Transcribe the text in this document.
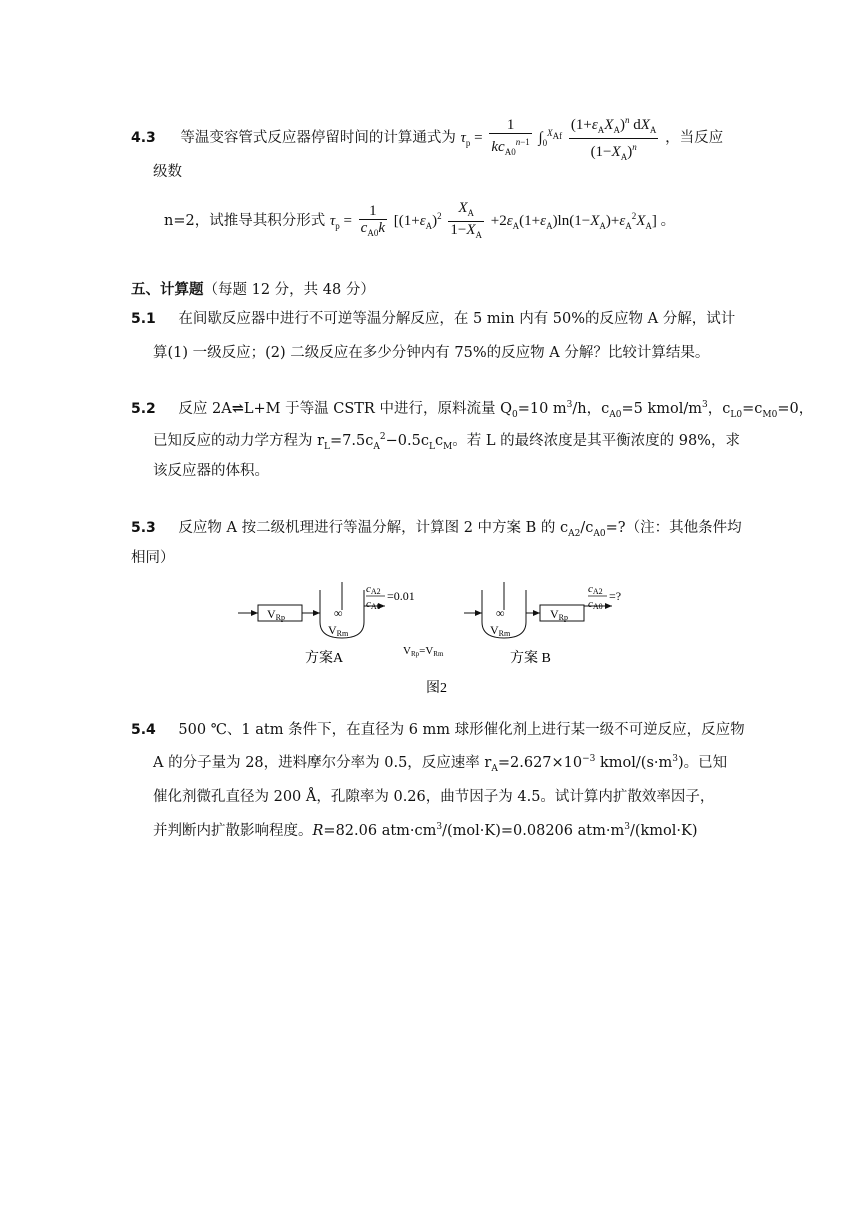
4.3 等温变容管式反应器停留时间的计算通式为 $\tau_p = \frac{1}{kc_{A0}^{n-1}} \int_0^{X_{Af}} \frac{(1+\varepsilon_AX_A)^n dX_A}{(1-X_A)^n}$ ，当反应
级数
n=2，试推导其积分形式 $\tau_p = \frac{1}{c_{A0}k} [(1+\varepsilon_A)^2 \frac{X_A}{1-X_A} +2\varepsilon_A(1+\varepsilon_A)\ln(1-X_A)+\varepsilon_A^2X_A]$ 。
五、计算题（每题 12 分，共 48 分）
5.1 在间歇反应器中进行不可逆等温分解反应，在 5 min 内有 50%的反应物 A 分解，试计
算(1) 一级反应；(2) 二级反应在多少分钟内有 75%的反应物 A 分解？比较计算结果。
5.2 反应 2A⇌L+M 于等温 CSTR 中进行，原料流量 $Q_0=10$ $m^3/h$，$c_{A0}=5$ kmol/$m^3$，$c_{L0}=c_{M0}=0$，
已知反应的动力学方程为 $r_L=7.5c_A^2-0.5c_Lc_M$。若 L 的最终浓度是其平衡浓度的 98%，求
该反应器的体积。
5.3 反应物 A 按二级机理进行等温分解，计算图 2 中方案 B 的 $c_{A2}/c_{A0}=$?（注：其他条件均
相同）
VRp	∞
VRm
cA2
cA0
=0.01
方案A	VRp=VRm
∞
VRm
VRp
cA2
cA0
=?
方案 B
图2
5.4 500 ℃、1 atm 条件下，在直径为 6 mm 球形催化剂上进行某一级不可逆反应，反应物
A 的分子量为 28，进料摩尔分率为 0.5，反应速率 $r_A=2.627\times 10^{-3}$ kmol/$(s\cdot m^3)$。已知
催化剂微孔直径为 200 Å，孔隙率为 0.26，曲节因子为 4.5。试计算内扩散效率因子，
并判断内扩散影响程度。R=82.06 $atm\cdot cm^3/(mol\cdot K)=0.08206$ $atm\cdot m^3/(kmol\cdot K)$
